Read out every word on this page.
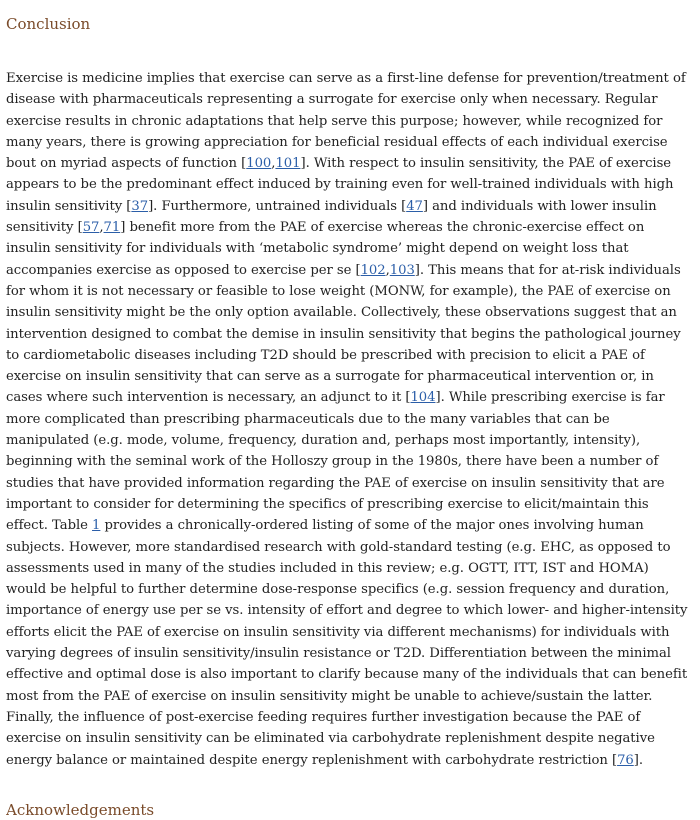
Conclusion

Exercise is medicine implies that exercise can serve as a first-line defense for prevention/treatment of disease with pharmaceuticals representing a surrogate for exercise only when necessary. Regular exercise results in chronic adaptations that help serve this purpose; however, while recognized for many years, there is growing appreciation for beneficial residual effects of each individual exercise bout on myriad aspects of function [100,101]. With respect to insulin sensitivity, the PAE of exercise appears to be the predominant effect induced by training even for well-trained individuals with high insulin sensitivity [37]. Furthermore, untrained individuals [47] and individuals with lower insulin sensitivity [57,71] benefit more from the PAE of exercise whereas the chronic-exercise effect on insulin sensitivity for individuals with ‘metabolic syndrome’ might depend on weight loss that accompanies exercise as opposed to exercise per se [102,103]. This means that for at-risk individuals for whom it is not necessary or feasible to lose weight (MONW, for example), the PAE of exercise on insulin sensitivity might be the only option available. Collectively, these observations suggest that an intervention designed to combat the demise in insulin sensitivity that begins the pathological journey to cardiometabolic diseases including T2D should be prescribed with precision to elicit a PAE of exercise on insulin sensitivity that can serve as a surrogate for pharmaceutical intervention or, in cases where such intervention is necessary, an adjunct to it [104]. While prescribing exercise is far more complicated than prescribing pharmaceuticals due to the many variables that can be manipulated (e.g. mode, volume, frequency, duration and, perhaps most importantly, intensity), beginning with the seminal work of the Holloszy group in the 1980s, there have been a number of studies that have provided information regarding the PAE of exercise on insulin sensitivity that are important to consider for determining the specifics of prescribing exercise to elicit/maintain this effect. Table 1 provides a chronically-ordered listing of some of the major ones involving human subjects. However, more standardised research with gold-standard testing (e.g. EHC, as opposed to assessments used in many of the studies included in this review; e.g. OGTT, ITT, IST and HOMA) would be helpful to further determine dose-response specifics (e.g. session frequency and duration, importance of energy use per se vs. intensity of effort and degree to which lower- and higher-intensity efforts elicit the PAE of exercise on insulin sensitivity via different mechanisms) for individuals with varying degrees of insulin sensitivity/insulin resistance or T2D. Differentiation between the minimal effective and optimal dose is also important to clarify because many of the individuals that can benefit most from the PAE of exercise on insulin sensitivity might be unable to achieve/sustain the latter. Finally, the influence of post-exercise feeding requires further investigation because the PAE of exercise on insulin sensitivity can be eliminated via carbohydrate replenishment despite negative energy balance or maintained despite energy replenishment with carbohydrate restriction [76].

Acknowledgements
